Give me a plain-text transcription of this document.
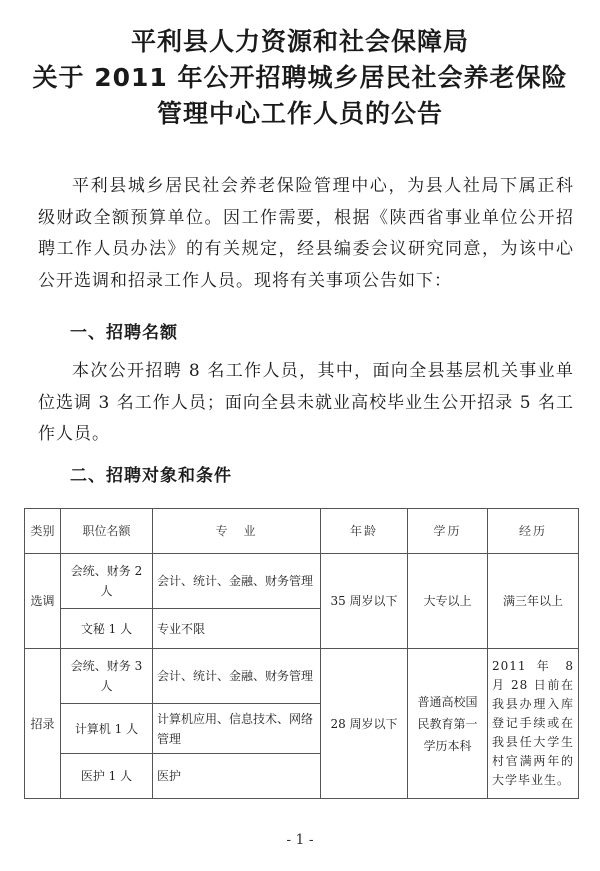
平利县人力资源和社会保障局
关于 2011 年公开招聘城乡居民社会养老保险
管理中心工作人员的公告
平利县城乡居民社会养老保险管理中心，为县人社局下属正科级财政全额预算单位。因工作需要，根据《陕西省事业单位公开招聘工作人员办法》的有关规定，经县编委会议研究同意，为该中心公开选调和招录工作人员。现将有关事项公告如下：
一、招聘名额
本次公开招聘 8 名工作人员，其中，面向全县基层机关事业单位选调 3 名工作人员；面向全县未就业高校毕业生公开招录 5 名工作人员。
二、招聘对象和条件
类别	职位名额	专　业	年龄	学历	经历
选调	会统、财务 2 人	会计、统计、金融、财务管理	35 周岁以下	大专以上	满三年以上
	文秘 1 人	专业不限			
招录	会统、财务 3 人	会计、统计、金融、财务管理	28 周岁以下	普通高校国民教育第一学历本科	2011 年 8 月 28 日前在我县办理入库登记手续或在我县任大学生村官满两年的大学毕业生。
	计算机 1 人	计算机应用、信息技术、网络管理			
	医护 1 人	医护			
- 1 -
